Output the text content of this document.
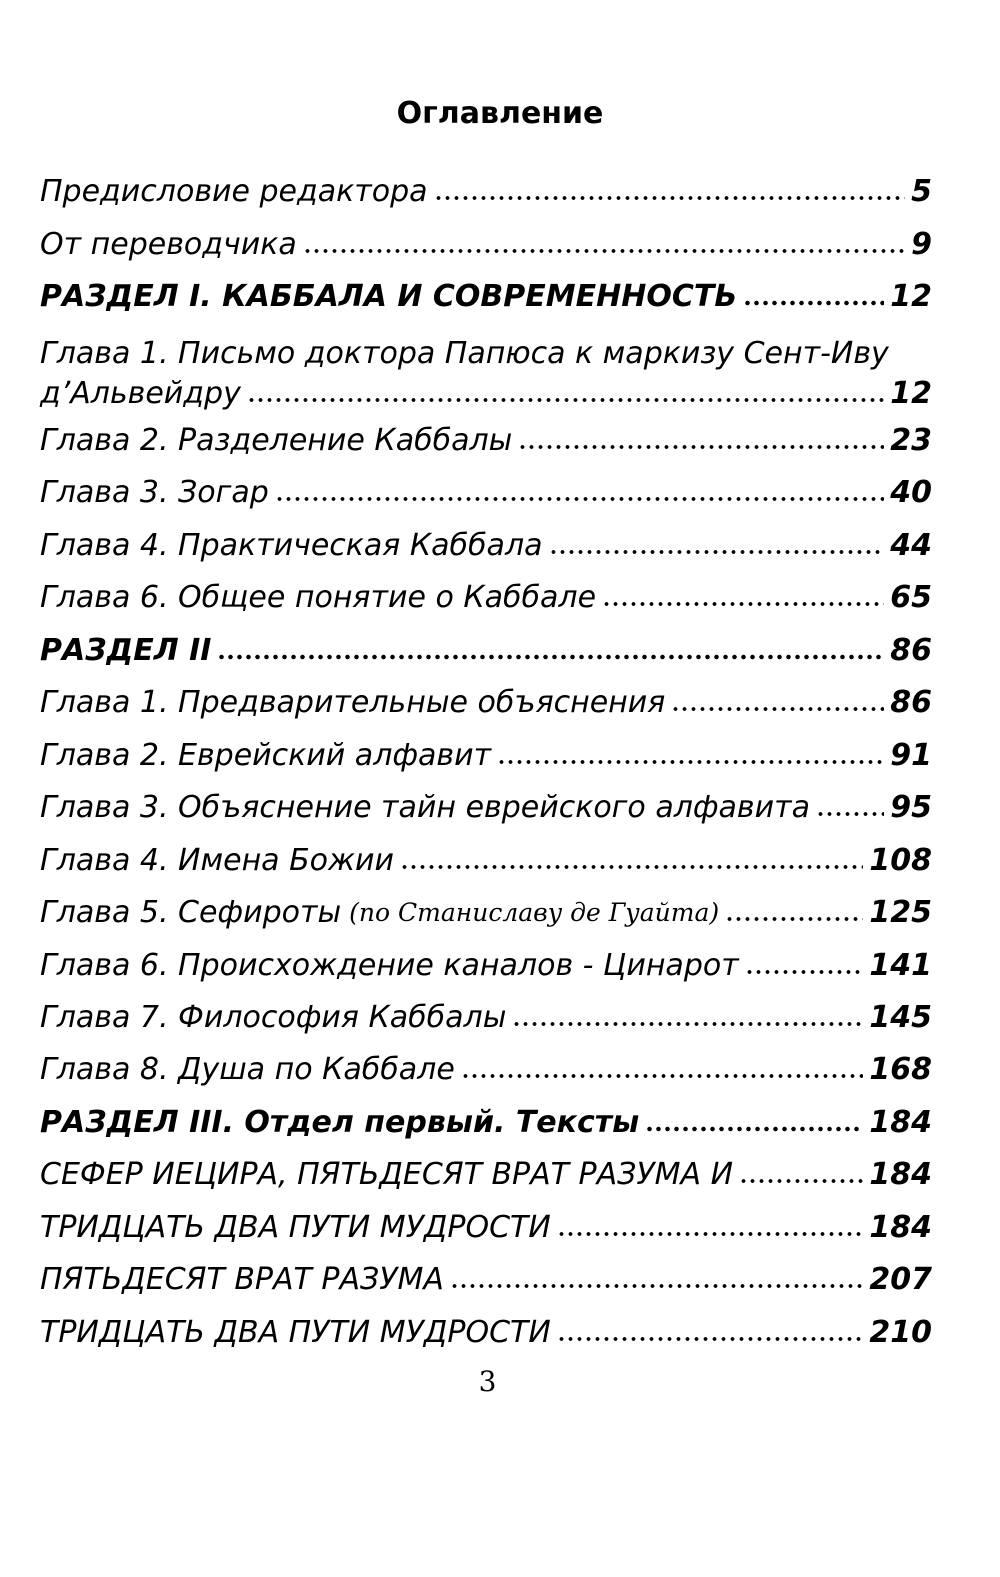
Оглавление
Предисловие редактора	5
От переводчика	9
РАЗДЕЛ I. КАББАЛА И СОВРЕМЕННОСТЬ	12
Глава 1. Письмо доктора Папюса к маркизу Сент-Иву
д’Альвейдру	12
Глава 2. Разделение Каббалы	23
Глава 3. Зогар	40
Глава 4. Практическая Каббала	44
Глава 6. Общее понятие о Каббале	65
РАЗДЕЛ II	86
Глава 1. Предварительные объяснения	86
Глава 2. Еврейский алфавит	91
Глава 3. Объяснение тайн еврейского алфавита	95
Глава 4. Имена Божии	108
Глава 5. Сефироты (по Станиславу де Гуайта)	125
Глава 6. Происхождение каналов - Цинарот	141
Глава 7. Философия Каббалы	145
Глава 8. Душа по Каббале	168
РАЗДЕЛ III. Отдел первый. Тексты	184
СЕФЕР ИЕЦИРА, ПЯТЬДЕСЯТ ВРАТ РАЗУМА И	184
ТРИДЦАТЬ ДВА ПУТИ МУДРОСТИ	184
ПЯТЬДЕСЯТ ВРАТ РАЗУМА	207
ТРИДЦАТЬ ДВА ПУТИ МУДРОСТИ	210
3
